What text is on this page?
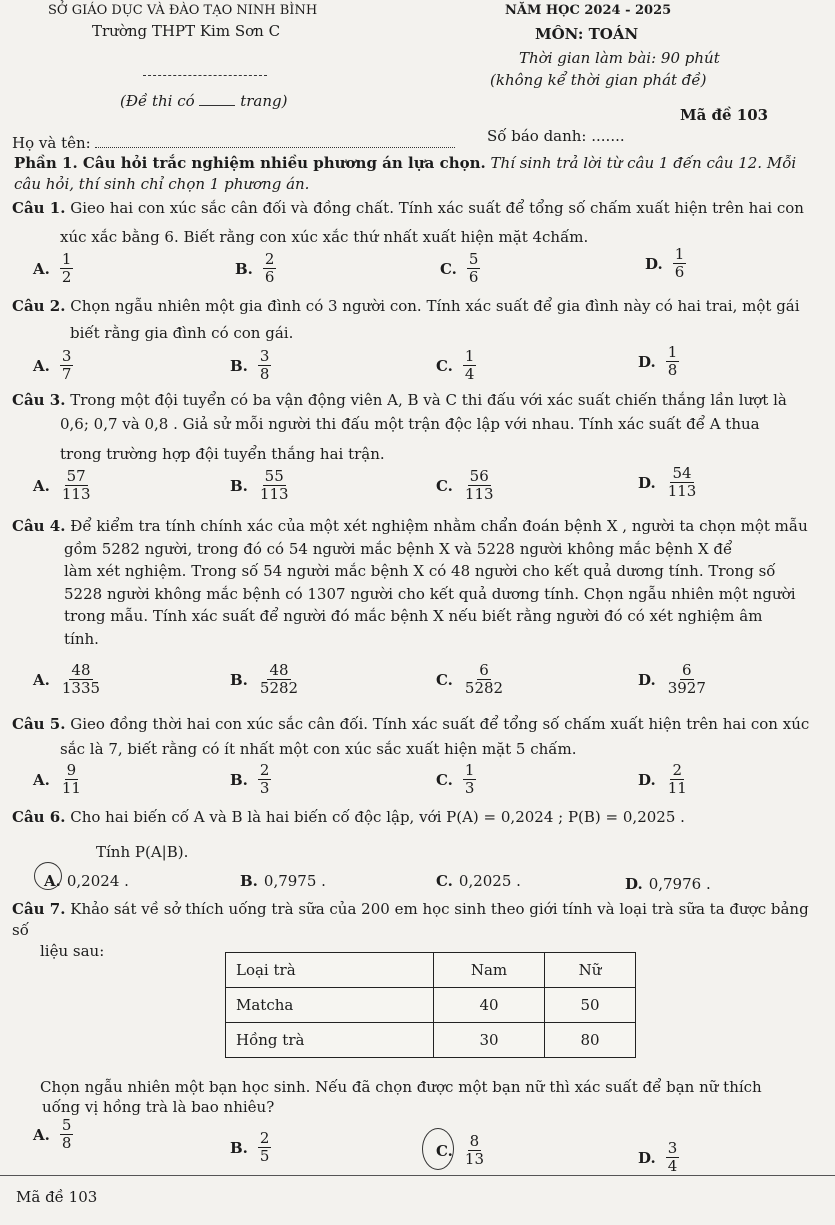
SỞ GIÁO DỤC VÀ ĐÀO TẠO NINH BÌNH
Trường THPT Kim Sơn C
NĂM HỌC 2024 - 2025
MÔN: TOÁN
Thời gian làm bài: 90 phút
(không kể thời gian phát đề)
(Đề thi có	trang)
Mã đề 103
Họ và tên:	Số báo danh: .......
Phần 1. Câu hỏi trắc nghiệm nhiều phương án lựa chọn. Thí sinh trả lời từ câu 1 đến câu 12. Mỗi câu hỏi, thí sinh chỉ chọn 1 phương án.
Câu 1. Gieo hai con xúc sắc cân đối và đồng chất. Tính xác suất để tổng số chấm xuất hiện trên hai con
xúc xắc bằng 6. Biết rằng con xúc xắc thứ nhất xuất hiện mặt 4chấm.
A. $\frac{1}{2}$	B. $\frac{2}{6}$	C. $\frac{5}{6}$	D. $\frac{1}{6}$
Câu 2. Chọn ngẫu nhiên một gia đình có 3 người con. Tính xác suất để gia đình này có hai trai, một gái
biết rằng gia đình có con gái.
A. $\frac{3}{7}$	B. $\frac{3}{8}$	C. $\frac{1}{4}$	D. $\frac{1}{8}$
Câu 3. Trong một đội tuyển có ba vận động viên A, B và C thi đấu với xác suất chiến thắng lần lượt là
0,6; 0,7 và 0,8 . Giả sử mỗi người thi đấu một trận độc lập với nhau. Tính xác suất để A thua
trong trường hợp đội tuyển thắng hai trận.
A. $\frac{57}{113}$	B. $\frac{55}{113}$	C. $\frac{56}{113}$	D. $\frac{54}{113}$
Câu 4. Để kiểm tra tính chính xác của một xét nghiệm nhằm chẩn đoán bệnh X , người ta chọn một mẫu
gồm 5282 người, trong đó có 54 người mắc bệnh X và 5228 người không mắc bệnh X để
làm xét nghiệm. Trong số 54 người mắc bệnh X có 48 người cho kết quả dương tính. Trong số
5228 người không mắc bệnh có 1307 người cho kết quả dương tính. Chọn ngẫu nhiên một người
trong mẫu. Tính xác suất để người đó mắc bệnh X nếu biết rằng người đó có xét nghiệm âm
tính.
A. $\frac{48}{1335}$	B. $\frac{48}{5282}$	C. $\frac{6}{5282}$	D. $\frac{6}{3927}$
Câu 5. Gieo đồng thời hai con xúc sắc cân đối. Tính xác suất để tổng số chấm xuất hiện trên hai con xúc
sắc là 7, biết rằng có ít nhất một con xúc sắc xuất hiện mặt 5 chấm.
A. $\frac{9}{11}$	B. $\frac{2}{3}$	C. $\frac{1}{3}$	D. $\frac{2}{11}$
Câu 6. Cho hai biến cố A và B là hai biến cố độc lập, với P(A) = 0,2024 ; P(B) = 0,2025 .
Tính P(A|B).
A. 0,2024 .	B. 0,7975 .	C. 0,2025 .	D. 0,7976 .
Câu 7. Khảo sát về sở thích uống trà sữa của 200 em học sinh theo giới tính và loại trà sữa ta được bảng số
liệu sau:
Loại trà	Nam	Nữ
Matcha	40	50
Hồng trà	30	80
Chọn ngẫu nhiên một bạn học sinh. Nếu đã chọn được một bạn nữ thì xác suất để bạn nữ thích
uống vị hồng trà là bao nhiêu?
A. $\frac{5}{8}$	B. $\frac{2}{5}$	C. $\frac{8}{13}$	D. $\frac{3}{4}$
Mã đề 103
